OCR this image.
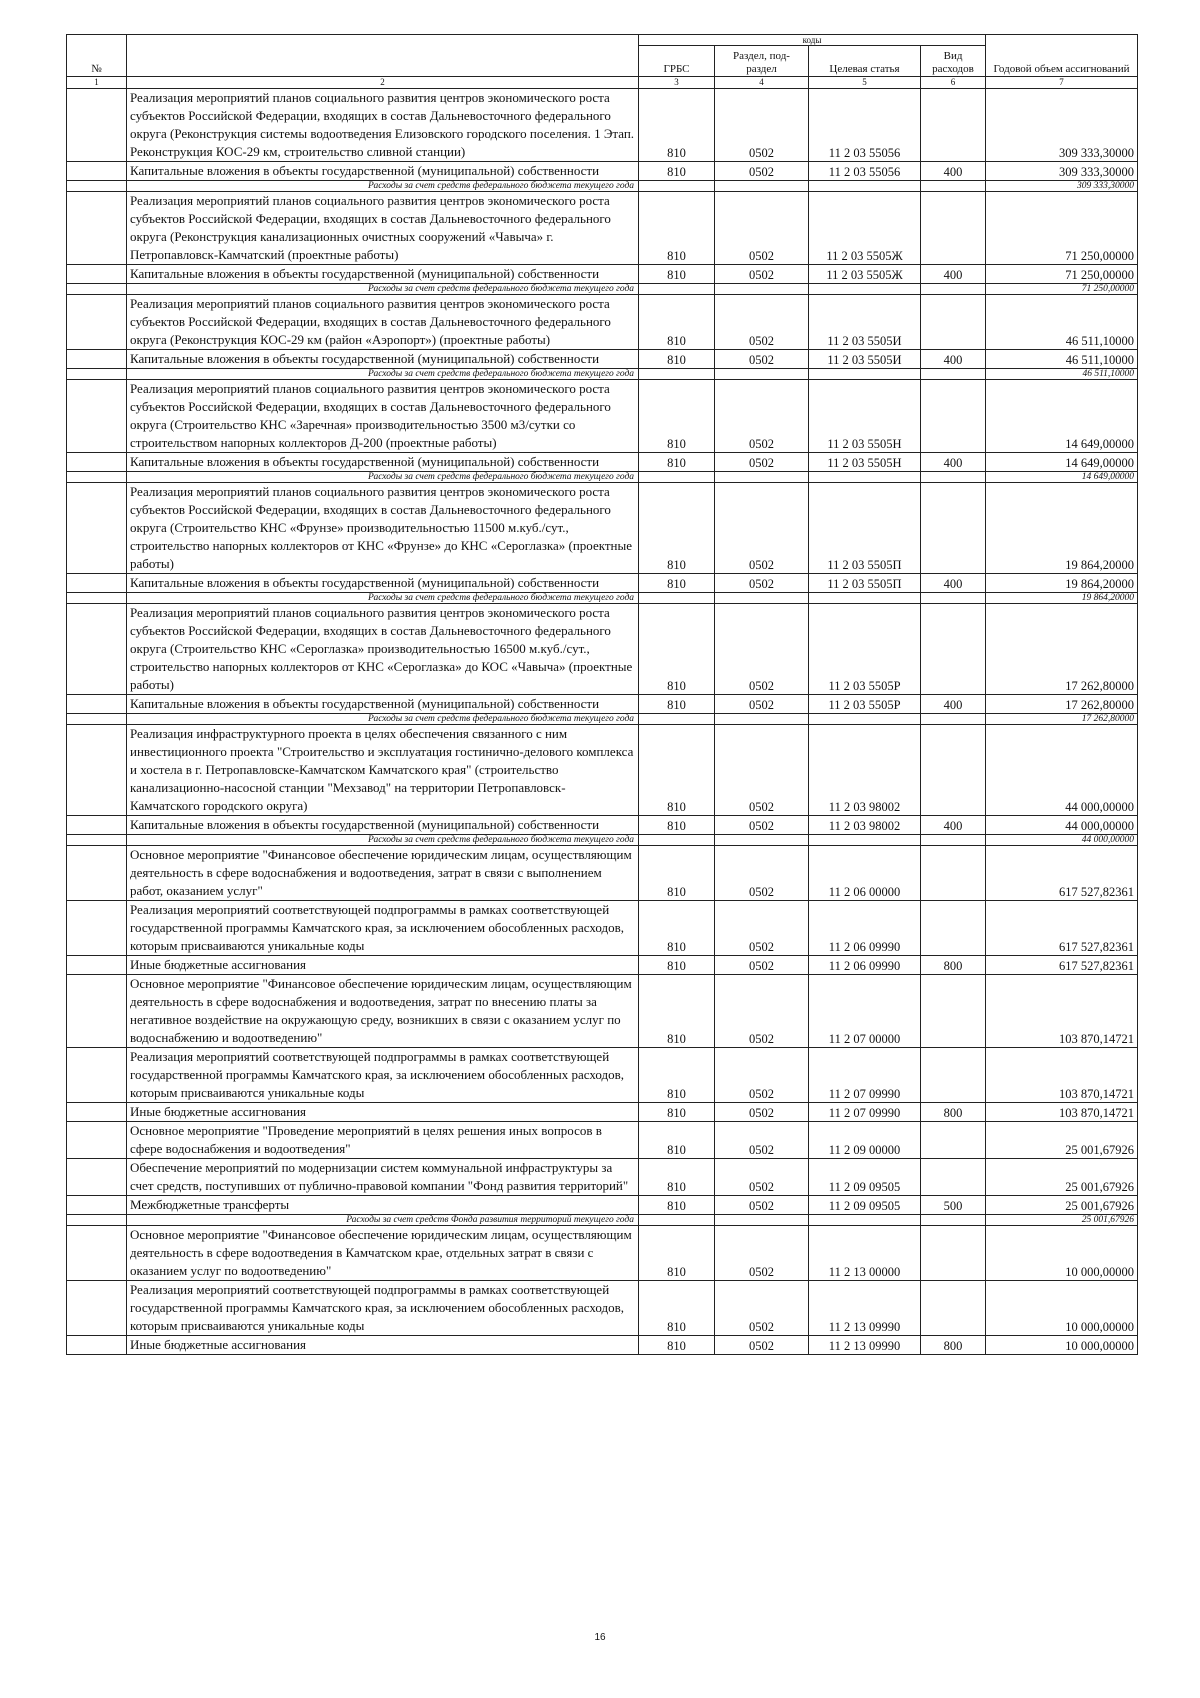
№		коды				Годовой объем ассигнований
		ГРБС	Раздел, под-раздел	Целевая статья	Вид расходов	
1	2	3	4	5	6	7
	Реализация мероприятий планов социального развития центров экономического роста субъектов Российской Федерации, входящих в состав Дальневосточного федерального округа (Реконструкция системы водоотведения Елизовского городского поселения. 1 Этап. Реконструкция КОС-29 км, строительство сливной станции)	810	0502	11 2 03 55056		309 333,30000
	Капитальные вложения в объекты государственной (муниципальной) собственности	810	0502	11 2 03 55056	400	309 333,30000
	Расходы за счет средств федерального бюджета текущего года					309 333,30000
	Реализация мероприятий планов социального развития центров экономического роста субъектов Российской Федерации, входящих в состав Дальневосточного федерального округа (Реконструкция канализационных очистных сооружений «Чавыча» г. Петропавловск-Камчатский (проектные работы)	810	0502	11 2 03 5505Ж		71 250,00000
	Капитальные вложения в объекты государственной (муниципальной) собственности	810	0502	11 2 03 5505Ж	400	71 250,00000
	Расходы за счет средств федерального бюджета текущего года					71 250,00000
	Реализация мероприятий планов социального развития центров экономического роста субъектов Российской Федерации, входящих в состав Дальневосточного федерального округа (Реконструкция КОС-29 км (район «Аэропорт») (проектные работы)	810	0502	11 2 03 5505И		46 511,10000
	Капитальные вложения в объекты государственной (муниципальной) собственности	810	0502	11 2 03 5505И	400	46 511,10000
	Расходы за счет средств федерального бюджета текущего года					46 511,10000
	Реализация мероприятий планов социального развития центров экономического роста субъектов Российской Федерации, входящих в состав Дальневосточного федерального округа (Строительство КНС «Заречная» производительностью 3500 м3/сутки со строительством напорных коллекторов Д-200 (проектные работы)	810	0502	11 2 03 5505Н		14 649,00000
	Капитальные вложения в объекты государственной (муниципальной) собственности	810	0502	11 2 03 5505Н	400	14 649,00000
	Расходы за счет средств федерального бюджета текущего года					14 649,00000
	Реализация мероприятий планов социального развития центров экономического роста субъектов Российской Федерации, входящих в состав Дальневосточного федерального округа (Строительство КНС «Фрунзе» производительностью 11500 м.куб./сут., строительство напорных коллекторов от КНС «Фрунзе» до КНС «Сероглазка» (проектные работы)	810	0502	11 2 03 5505П		19 864,20000
	Капитальные вложения в объекты государственной (муниципальной) собственности	810	0502	11 2 03 5505П	400	19 864,20000
	Расходы за счет средств федерального бюджета текущего года					19 864,20000
	Реализация мероприятий планов социального развития центров экономического роста субъектов Российской Федерации, входящих в состав Дальневосточного федерального округа (Строительство КНС «Сероглазка» производительностью 16500 м.куб./сут., строительство напорных коллекторов от КНС «Сероглазка» до КОС «Чавыча» (проектные работы)	810	0502	11 2 03 5505Р		17 262,80000
	Капитальные вложения в объекты государственной (муниципальной) собственности	810	0502	11 2 03 5505Р	400	17 262,80000
	Расходы за счет средств федерального бюджета текущего года					17 262,80000
	Реализация инфраструктурного проекта в целях обеспечения связанного с ним инвестиционного проекта "Строительство и эксплуатация гостинично-делового комплекса и хостела в г. Петропавловске-Камчатском Камчатского края" (строительство канализационно-насосной станции "Мехзавод" на территории Петропавловск-Камчатского городского округа)	810	0502	11 2 03 98002		44 000,00000
	Капитальные вложения в объекты государственной (муниципальной) собственности	810	0502	11 2 03 98002	400	44 000,00000
	Расходы за счет средств федерального бюджета текущего года					44 000,00000
	Основное мероприятие "Финансовое обеспечение юридическим лицам, осуществляющим деятельность в сфере водоснабжения и водоотведения, затрат в связи с выполнением работ, оказанием услуг"	810	0502	11 2 06 00000		617 527,82361
	Реализация мероприятий соответствующей подпрограммы в рамках соответствующей государственной программы Камчатского края, за исключением обособленных расходов, которым присваиваются уникальные коды	810	0502	11 2 06 09990		617 527,82361
	Иные бюджетные ассигнования	810	0502	11 2 06 09990	800	617 527,82361
	Основное мероприятие "Финансовое обеспечение юридическим лицам, осуществляющим деятельность в сфере водоснабжения и водоотведения, затрат по внесению платы за негативное воздействие на окружающую среду, возникших в связи с оказанием услуг по водоснабжению и водоотведению"	810	0502	11 2 07 00000		103 870,14721
	Реализация мероприятий соответствующей подпрограммы в рамках соответствующей государственной программы Камчатского края, за исключением обособленных расходов, которым присваиваются уникальные коды	810	0502	11 2 07 09990		103 870,14721
	Иные бюджетные ассигнования	810	0502	11 2 07 09990	800	103 870,14721
	Основное мероприятие "Проведение мероприятий в целях решения иных вопросов в сфере водоснабжения и водоотведения"	810	0502	11 2 09 00000		25 001,67926
	Обеспечение мероприятий по модернизации систем коммунальной инфраструктуры за счет средств, поступивших от публично-правовой компании "Фонд развития территорий"	810	0502	11 2 09 09505		25 001,67926
	Межбюджетные трансферты	810	0502	11 2 09 09505	500	25 001,67926
	Расходы за счет средств Фонда развития территорий текущего года					25 001,67926
	Основное мероприятие "Финансовое обеспечение юридическим лицам, осуществляющим деятельность в сфере водоотведения в Камчатском крае, отдельных затрат в связи с оказанием услуг по водоотведению"	810	0502	11 2 13 00000		10 000,00000
	Реализация мероприятий соответствующей подпрограммы в рамках соответствующей государственной программы Камчатского края, за исключением обособленных расходов, которым присваиваются уникальные коды	810	0502	11 2 13 09990		10 000,00000
	Иные бюджетные ассигнования	810	0502	11 2 13 09990	800	10 000,00000
16
